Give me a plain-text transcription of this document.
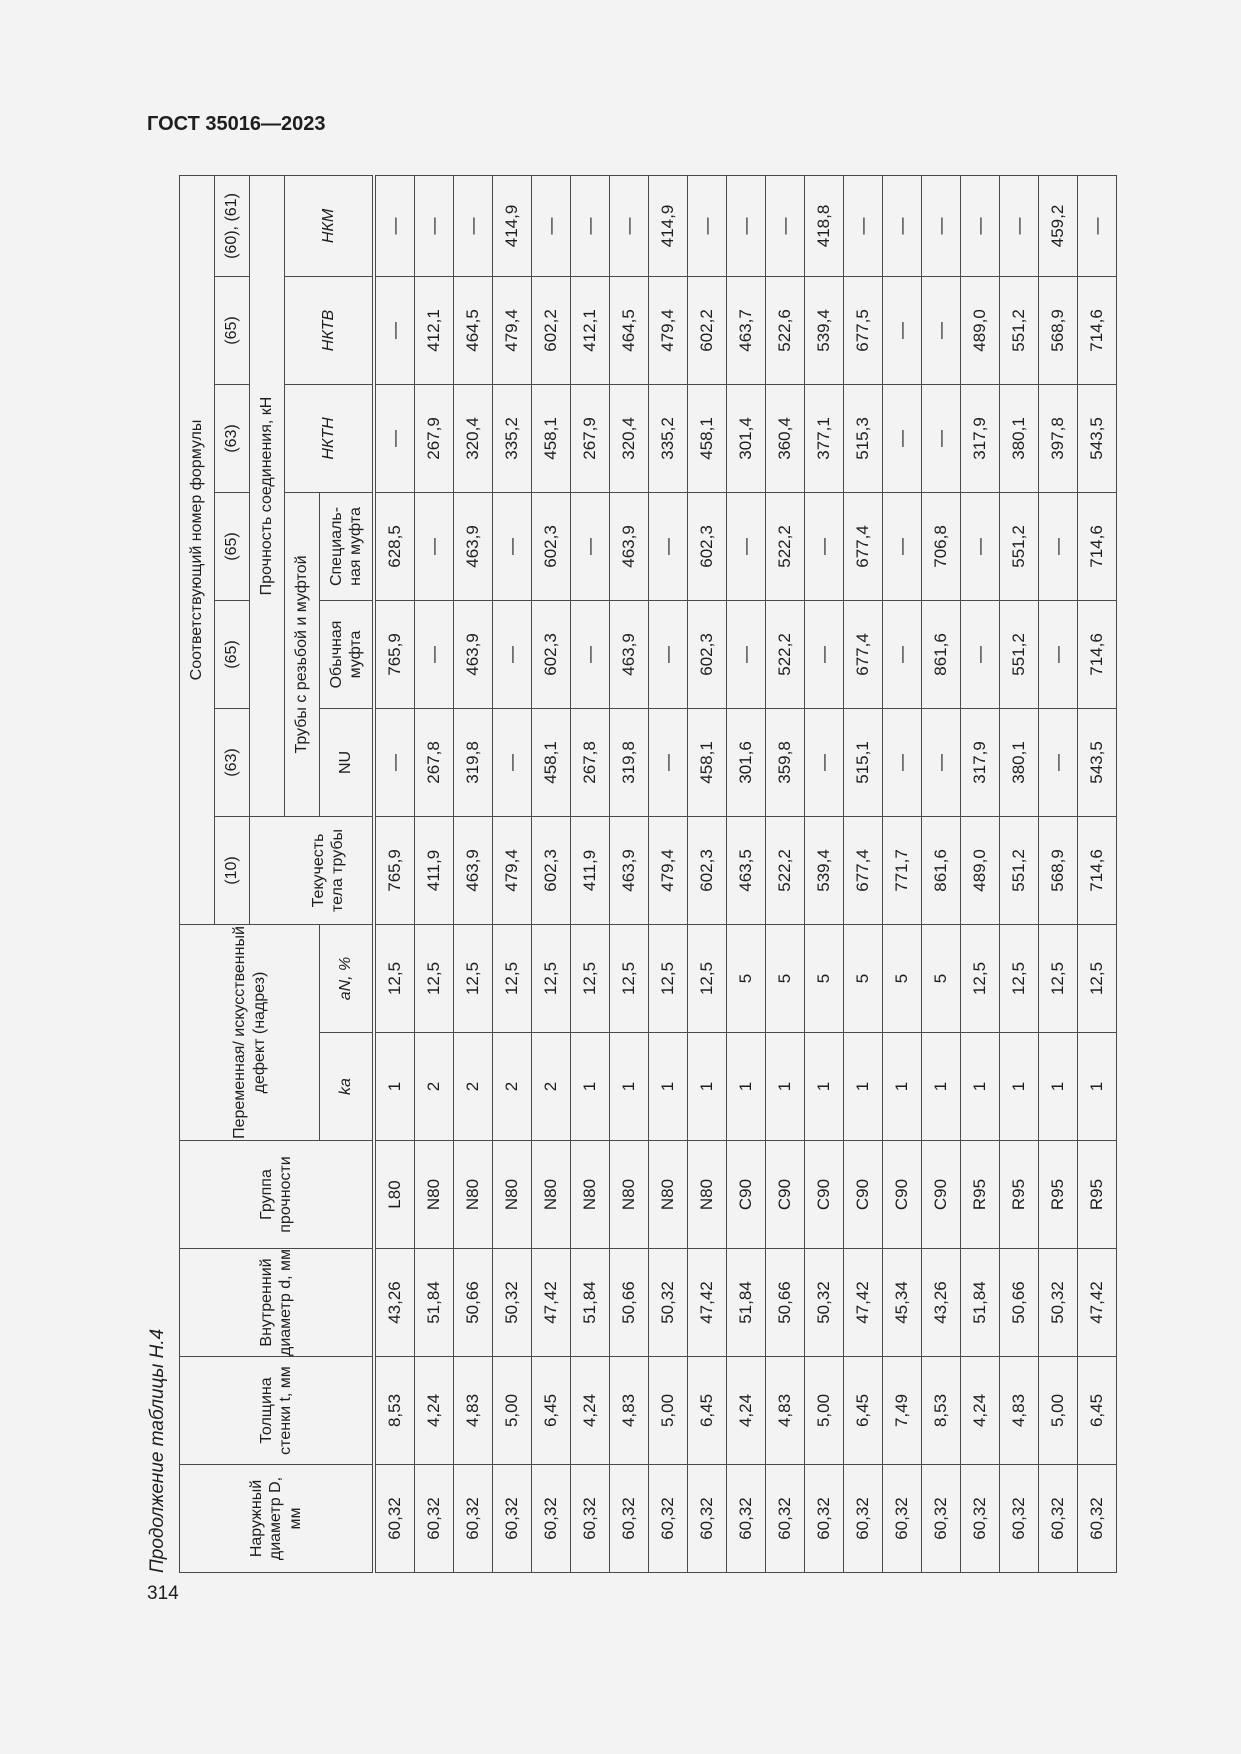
ГОСТ 35016—2023

314

Продолжение таблицы Н.4	Наружный диаметр D, мм	Толщина стенки t, мм	Внутренний диаметр d, мм	Группа прочности	Переменная/ искусственный дефект (надрез)		Соответствующий номер формулы						
						(10)	(63)	(65)	(65)	(63)	(65)	(60), (61)
							Прочность соединения, кН					
						Текучесть тела трубы	Трубы с резьбой и муфтой			НКТН	НКТВ	НКМ
				ka	aN, %		NU	Обычная муфта	Специаль- ная муфта			
60,32	8,53	43,26	L80	1	12,5	765,9	—	765,9	628,5	—	—	—
60,32	4,24	51,84	N80	2	12,5	411,9	267,8	—	—	267,9	412,1	—
60,32	4,83	50,66	N80	2	12,5	463,9	319,8	463,9	463,9	320,4	464,5	—
60,32	5,00	50,32	N80	2	12,5	479,4	—	—	—	335,2	479,4	414,9
60,32	6,45	47,42	N80	2	12,5	602,3	458,1	602,3	602,3	458,1	602,2	—
60,32	4,24	51,84	N80	1	12,5	411,9	267,8	—	—	267,9	412,1	—
60,32	4,83	50,66	N80	1	12,5	463,9	319,8	463,9	463,9	320,4	464,5	—
60,32	5,00	50,32	N80	1	12,5	479,4	—	—	—	335,2	479,4	414,9
60,32	6,45	47,42	N80	1	12,5	602,3	458,1	602,3	602,3	458,1	602,2	—
60,32	4,24	51,84	C90	1	5	463,5	301,6	—	—	301,4	463,7	—
60,32	4,83	50,66	C90	1	5	522,2	359,8	522,2	522,2	360,4	522,6	—
60,32	5,00	50,32	C90	1	5	539,4	—	—	—	377,1	539,4	418,8
60,32	6,45	47,42	C90	1	5	677,4	515,1	677,4	677,4	515,3	677,5	—
60,32	7,49	45,34	C90	1	5	771,7	—	—	—	—	—	—
60,32	8,53	43,26	C90	1	5	861,6	—	861,6	706,8	—	—	—
60,32	4,24	51,84	R95	1	12,5	489,0	317,9	—	—	317,9	489,0	—
60,32	4,83	50,66	R95	1	12,5	551,2	380,1	551,2	551,2	380,1	551,2	—
60,32	5,00	50,32	R95	1	12,5	568,9	—	—	—	397,8	568,9	459,2
60,32	6,45	47,42	R95	1	12,5	714,6	543,5	714,6	714,6	543,5	714,6	—
